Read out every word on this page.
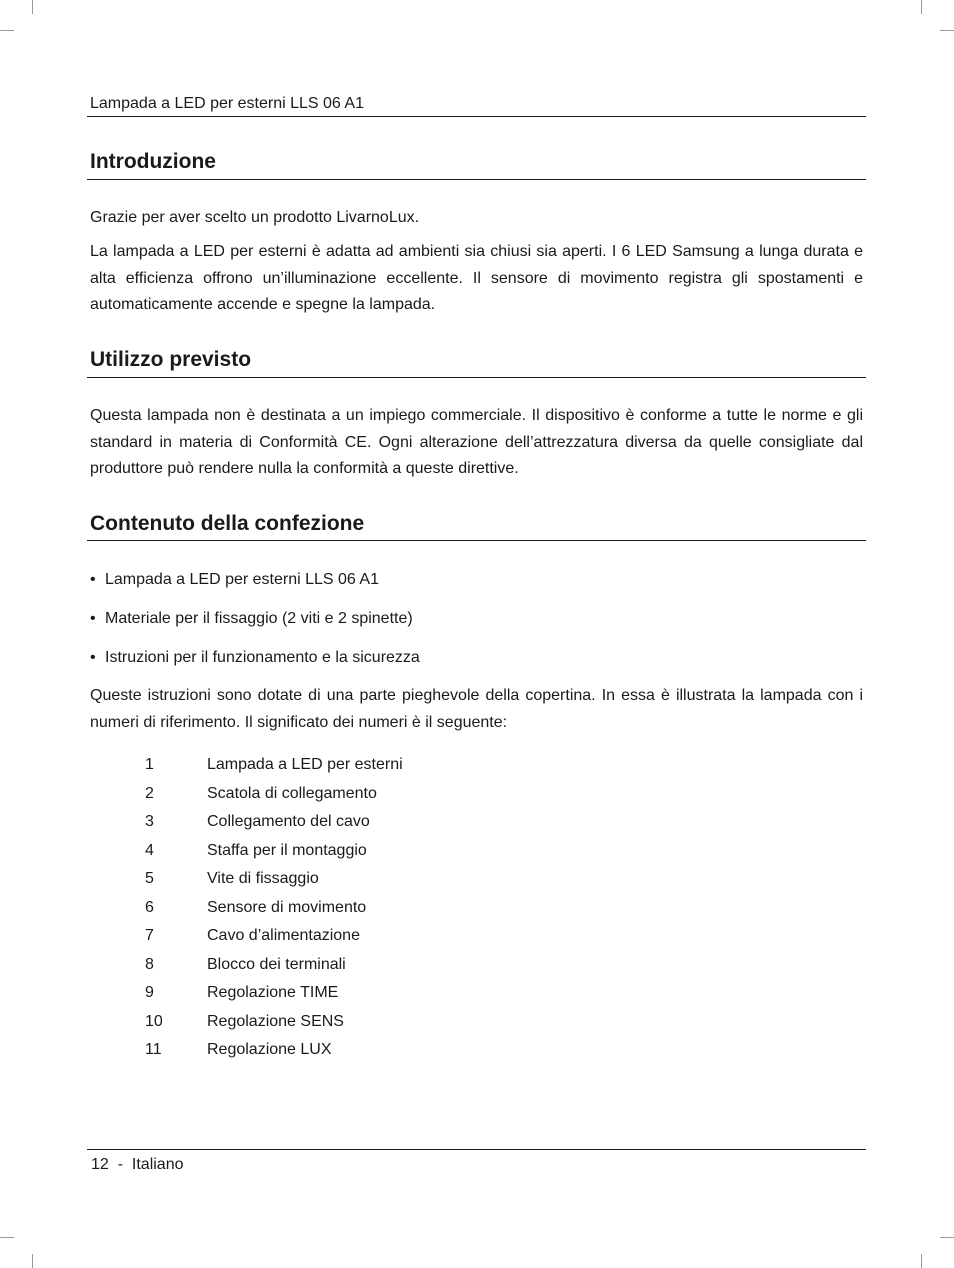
Lampada a LED per esterni LLS 06 A1
Introduzione

Grazie per aver scelto un prodotto LivarnoLux.

La lampada a LED per esterni è adatta ad ambienti sia chiusi sia aperti. I 6 LED Samsung a lunga durata e alta efficienza offrono un’illuminazione eccellente. Il sensore di movimento registra gli spostamenti e automaticamente accende e spegne la lampada.

Utilizzo previsto

Questa lampada non è destinata a un impiego commerciale. Il dispositivo è conforme a tutte le norme e gli standard in materia di Conformità CE. Ogni alterazione dell’attrezzatura diversa da quelle consigliate dal produttore può rendere nulla la conformità a queste direttive.

Contenuto della confezione
• Lampada a LED per esterni LLS 06 A1
• Materiale per il fissaggio (2 viti e 2 spinette)
• Istruzioni per il funzionamento e la sicurezza

Queste istruzioni sono dotate di una parte pieghevole della copertina. In essa è illustrata la lampada con i numeri di riferimento. Il significato dei numeri è il seguente:

1	Lampada a LED per esterni
2	Scatola di collegamento
3	Collegamento del cavo
4	Staffa per il montaggio
5	Vite di fissaggio
6	Sensore di movimento
7	Cavo d’alimentazione
8	Blocco dei terminali
9	Regolazione TIME
10	Regolazione SENS
11	Regolazione LUX
12 - Italiano
